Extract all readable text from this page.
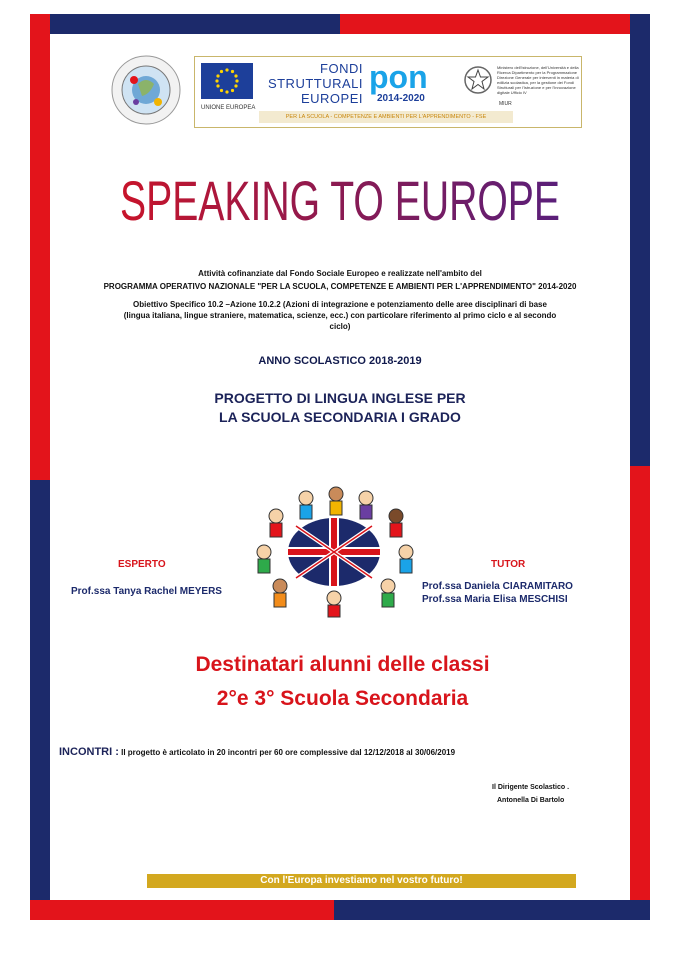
UNIONE EUROPEA
FONDI
STRUTTURALI
EUROPEI
pon
2014-2020
Ministero dell'Istruzione, dell'Università e della Ricerca Dipartimento per la Programmazione Direzione Generale per interventi in materia di edilizia scolastica, per la gestione dei Fondi Strutturali per l'Istruzione e per l'Innovazione digitale Ufficio IV
MIUR
PER LA SCUOLA - COMPETENZE E AMBIENTI PER L'APPRENDIMENTO - FSE
SPEAKING TO EUROPE
Attività cofinanziate dal Fondo Sociale Europeo e realizzate nell'ambito del
PROGRAMMA OPERATIVO NAZIONALE "PER LA SCUOLA, COMPETENZE E AMBIENTI PER L'APPRENDIMENTO" 2014-2020
Obiettivo Specifico 10.2 –Azione 10.2.2 (Azioni di integrazione e potenziamento delle aree disciplinari di base (lingua italiana, lingue straniere, matematica, scienze, ecc.) con particolare riferimento al primo ciclo e al secondo ciclo)
ANNO SCOLASTICO 2018-2019
PROGETTO DI LINGUA INGLESE PER
LA SCUOLA SECONDARIA I GRADO
ESPERTO
Prof.ssa Tanya Rachel MEYERS
TUTOR
Prof.ssa Daniela CIARAMITARO
Prof.ssa Maria Elisa MESCHISI
Destinatari alunni delle classi
2°e 3° Scuola Secondaria
INCONTRI : Il progetto è articolato in 20 incontri per 60 ore complessive dal 12/12/2018 al 30/06/2019
Il Dirigente Scolastico .
Antonella Di Bartolo
Con l'Europa investiamo nel vostro futuro!
